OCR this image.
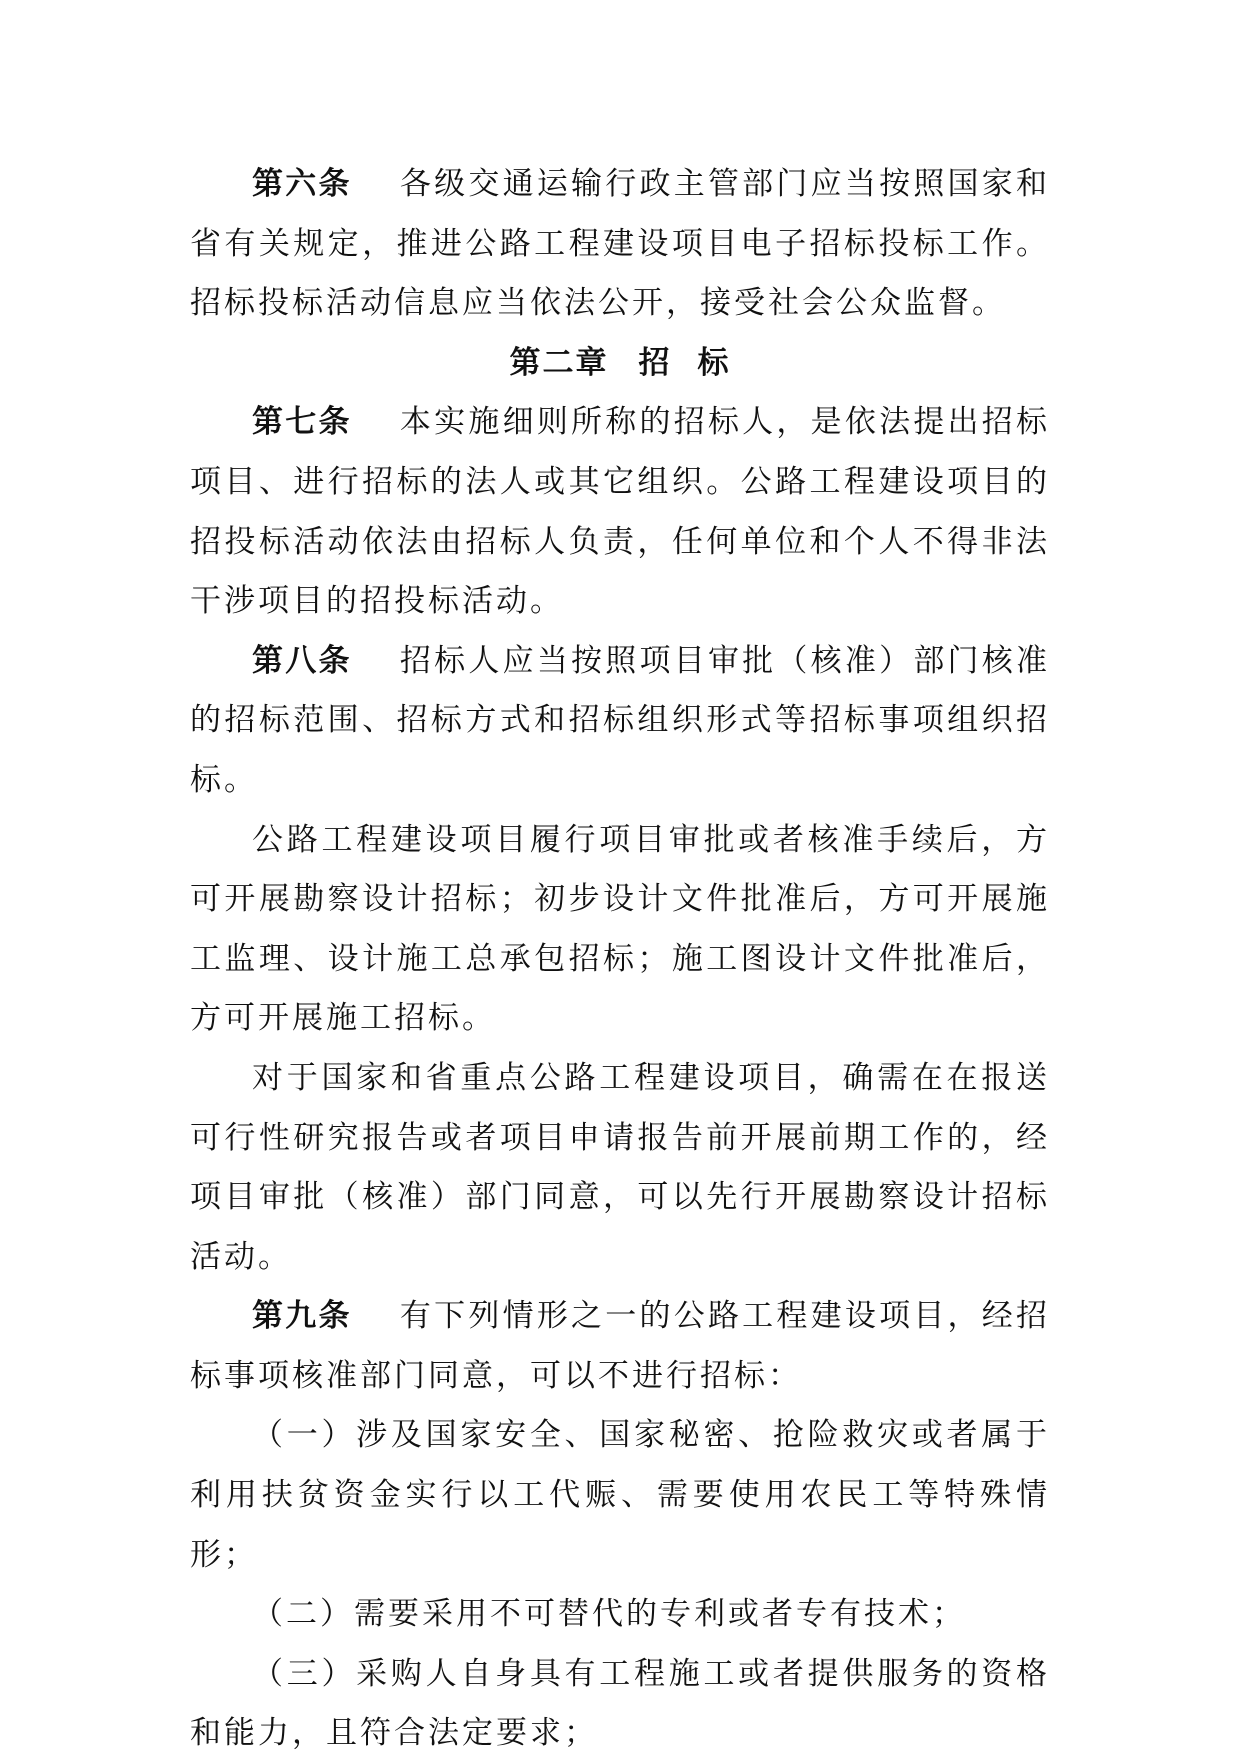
第六条 各级交通运输行政主管部门应当按照国家和省有关规定，推进公路工程建设项目电子招标投标工作。招标投标活动信息应当依法公开，接受社会公众监督。

第二章 招 标

第七条 本实施细则所称的招标人，是依法提出招标项目、进行招标的法人或其它组织。公路工程建设项目的招投标活动依法由招标人负责，任何单位和个人不得非法干涉项目的招投标活动。

第八条 招标人应当按照项目审批（核准）部门核准的招标范围、招标方式和招标组织形式等招标事项组织招标。

公路工程建设项目履行项目审批或者核准手续后，方可开展勘察设计招标；初步设计文件批准后，方可开展施工监理、设计施工总承包招标；施工图设计文件批准后，方可开展施工招标。

对于国家和省重点公路工程建设项目，确需在在报送可行性研究报告或者项目申请报告前开展前期工作的，经项目审批（核准）部门同意，可以先行开展勘察设计招标活动。

第九条 有下列情形之一的公路工程建设项目，经招标事项核准部门同意，可以不进行招标：

（一）涉及国家安全、国家秘密、抢险救灾或者属于利用扶贫资金实行以工代赈、需要使用农民工等特殊情形；

（二）需要采用不可替代的专利或者专有技术；

（三）采购人自身具有工程施工或者提供服务的资格和能力，且符合法定要求；
